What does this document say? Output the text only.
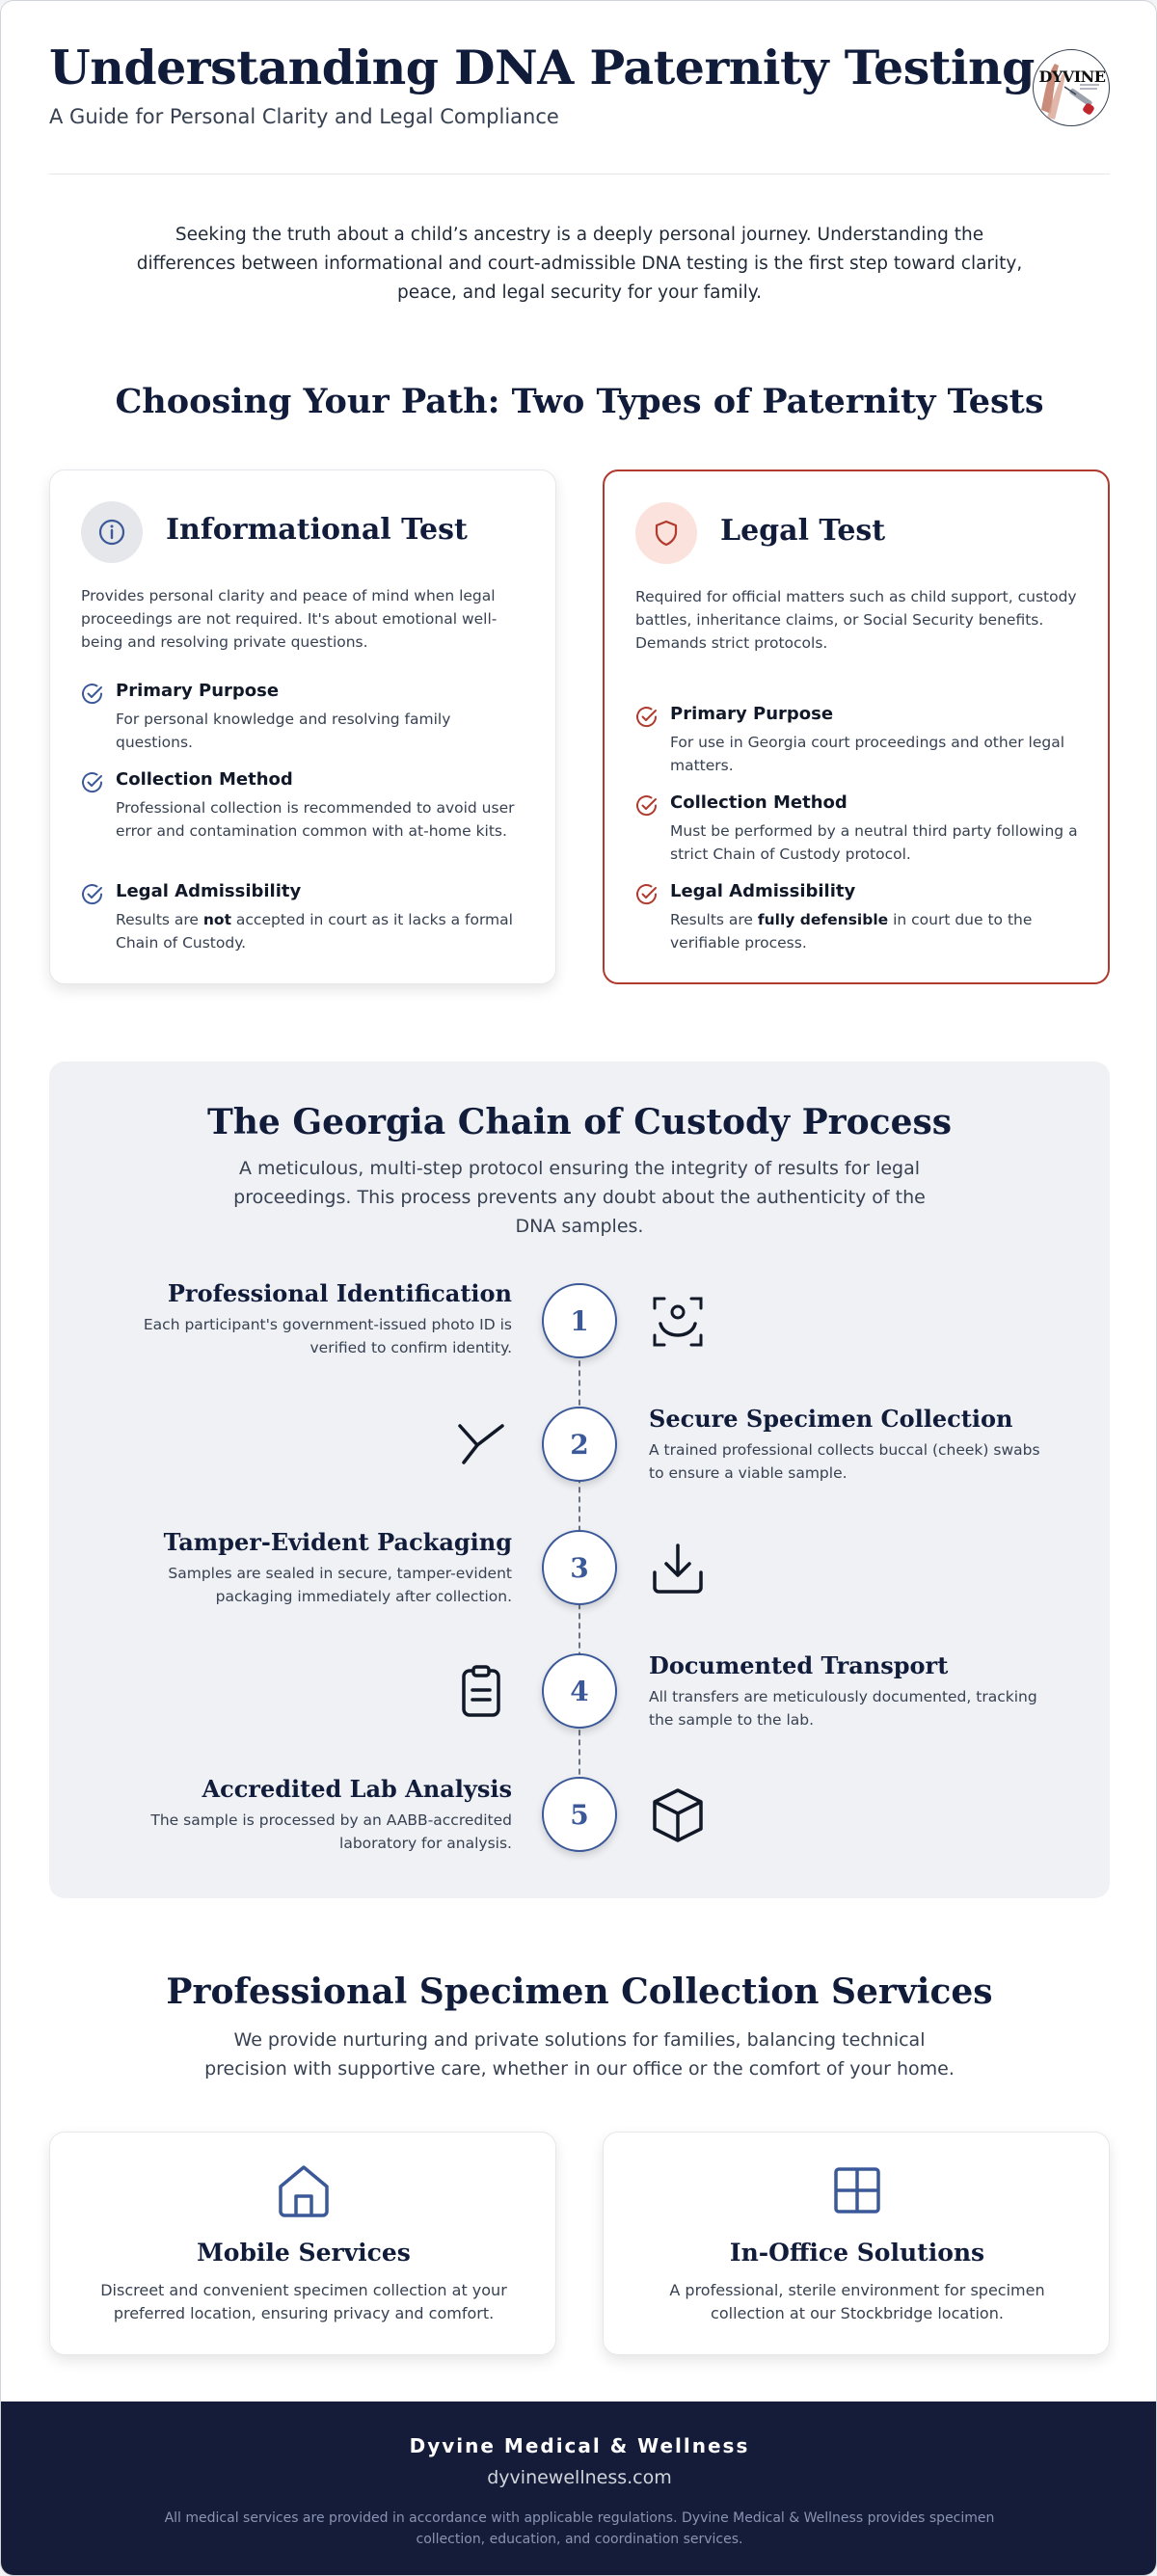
Understanding DNA Paternity Testing
A Guide for Personal Clarity and Legal Compliance
DYVINE
Seeking the truth about a child’s ancestry is a deeply personal journey. Understanding the differences between informational and court-admissible DNA testing is the first step toward clarity, peace, and legal security for your family.
Choosing Your Path: Two Types of Paternity Tests
Informational Test
Provides personal clarity and peace of mind when legal proceedings are not required. It's about emotional well-being and resolving private questions.
Primary Purpose
For personal knowledge and resolving family questions.
Collection Method
Professional collection is recommended to avoid user error and contamination common with at-home kits.
Legal Admissibility
Results are not accepted in court as it lacks a formal Chain of Custody.
Legal Test
Required for official matters such as child support, custody battles, inheritance claims, or Social Security benefits. Demands strict protocols.
Primary Purpose
For use in Georgia court proceedings and other legal matters.
Collection Method
Must be performed by a neutral third party following a strict Chain of Custody protocol.
Legal Admissibility
Results are fully defensible in court due to the verifiable process.
The Georgia Chain of Custody Process
A meticulous, multi-step protocol ensuring the integrity of results for legal proceedings. This process prevents any doubt about the authenticity of the DNA samples.
Professional Identification
Each participant's government-issued photo ID is verified to confirm identity.
1
2
Secure Specimen Collection
A trained professional collects buccal (cheek) swabs to ensure a viable sample.
Tamper-Evident Packaging
Samples are sealed in secure, tamper-evident packaging immediately after collection.
3
4
Documented Transport
All transfers are meticulously documented, tracking the sample to the lab.
Accredited Lab Analysis
The sample is processed by an AABB-accredited laboratory for analysis.
5
Professional Specimen Collection Services
We provide nurturing and private solutions for families, balancing technical precision with supportive care, whether in our office or the comfort of your home.
Mobile Services
Discreet and convenient specimen collection at your preferred location, ensuring privacy and comfort.
In-Office Solutions
A professional, sterile environment for specimen collection at our Stockbridge location.
Dyvine Medical & Wellness
dyvinewellness.com
All medical services are provided in accordance with applicable regulations. Dyvine Medical & Wellness provides specimen collection, education, and coordination services.
